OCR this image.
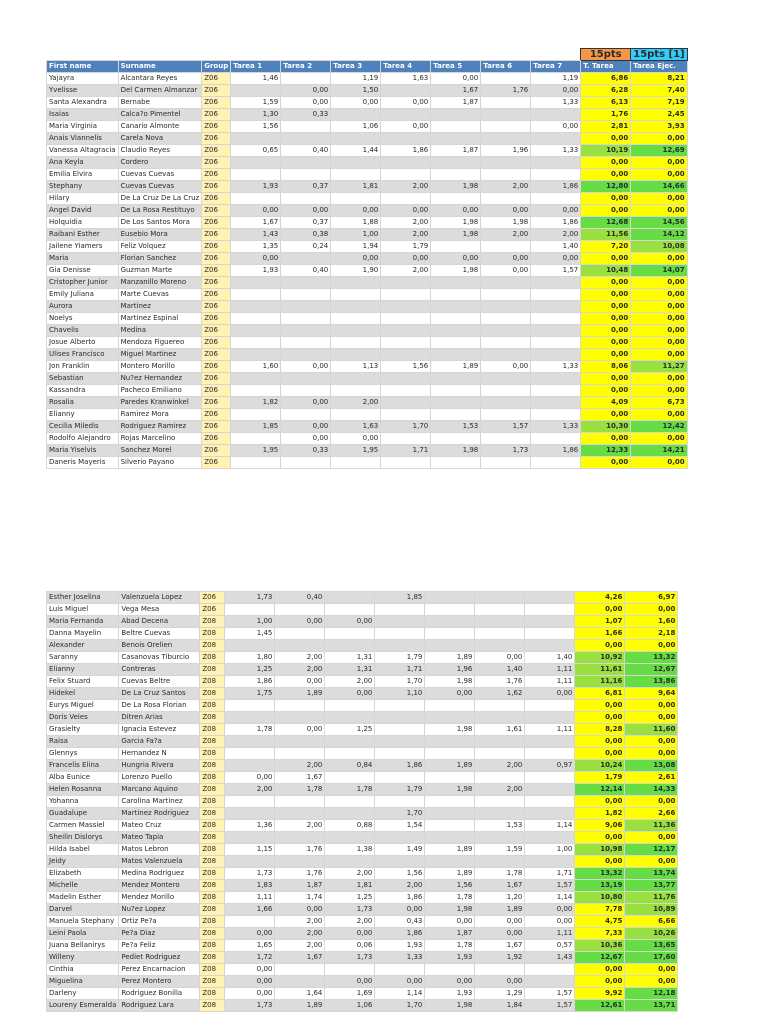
										15pts	15pts [1]
First name	Surname	Group	Tarea 1	Tarea 2	Tarea 3	Tarea 4	Tarea 5	Tarea 6	Tarea 7	T. Tarea	Tarea Ejec.
Yajayra	Alcantara Reyes	Z06	1,46		1,19	1,63	0,00		1,19	6,86	8,21
Yvelisse	Del Carmen Almanzar	Z06		0,00	1,50		1,67	1,76	0,00	6,28	7,40
Santa Alexandra	Bernabe	Z06	1,59	0,00	0,00	0,00	1,87		1,33	6,13	7,19
Isaias	Calca?o Pimentel	Z06	1,30	0,33						1,76	2,45
Maria Virginia	Canario Almonte	Z06	1,56		1,06	0,00			0,00	2,81	3,93
Anais Viannelis	Carela Nova	Z06								0,00	0,00
Vanessa Altagracia	Claudio Reyes	Z06	0,65	0,40	1,44	1,86	1,87	1,96	1,33	10,19	12,69
Ana Keyla	Cordero	Z06								0,00	0,00
Emilia Elvira	Cuevas Cuevas	Z06								0,00	0,00
Stephany	Cuevas Cuevas	Z06	1,93	0,37	1,81	2,00	1,98	2,00	1,86	12,80	14,66
Hilary	De La Cruz De La Cruz	Z06								0,00	0,00
Angel David	De La Rosa Restituyo	Z06	0,00	0,00	0,00	0,00	0,00	0,00	0,00	0,00	0,00
Holquidia	De Los Santos Mora	Z06	1,67	0,37	1,88	2,00	1,98	1,98	1,86	12,68	14,56
Raibani Esther	Eusebio Mora	Z06	1,43	0,38	1,00	2,00	1,98	2,00	2,00	11,56	14,12
Jailene Yiamers	Feliz Volquez	Z06	1,35	0,24	1,94	1,79			1,40	7,20	10,08
Maria	Florian Sanchez	Z06	0,00		0,00	0,00	0,00	0,00	0,00	0,00	0,00
Gia Denisse	Guzman Marte	Z06	1,93	0,40	1,90	2,00	1,98	0,00	1,57	10,48	14,07
Cristopher Junior	Manzanillo Moreno	Z06								0,00	0,00
Emily Juliana	Marte Cuevas	Z06								0,00	0,00
Aurora	Martinez	Z06								0,00	0,00
Noelys	Martinez Espinal	Z06								0,00	0,00
Chavelis	Medina	Z06								0,00	0,00
Josue Alberto	Mendoza Figuereo	Z06								0,00	0,00
Ulises Francisco	Miguel Martinez	Z06								0,00	0,00
Jon Franklin	Montero Morillo	Z06	1,60	0,00	1,13	1,56	1,89	0,00	1,33	8,06	11,27
Sebastian	Nu?ez Hernandez	Z06								0,00	0,00
Kassandra	Pacheco Emiliano	Z06								0,00	0,00
Rosalia	Paredes Kranwinkel	Z06	1,82	0,00	2,00					4,09	6,73
Elianny	Ramirez Mora	Z06								0,00	0,00
Cecilia Miledis	Rodriguez Ramirez	Z06	1,85	0,00	1,63	1,70	1,53	1,57	1,33	10,30	12,42
Rodolfo Alejandro	Rojas Marcelino	Z06		0,00	0,00					0,00	0,00
Maria Yiselvis	Sanchez Morel	Z06	1,95	0,33	1,95	1,71	1,98	1,73	1,86	12,33	14,21
Daneris Mayeris	Silverio Payano	Z06								0,00	0,00
Esther Joselina	Valenzuela Lopez	Z06	1,73	0,40		1,85				4,26	6,97
Luis Miguel	Vega Mesa	Z06								0,00	0,00
Maria Fernanda	Abad Decena	Z08	1,00	0,00	0,00					1,07	1,60
Danna Mayelin	Beltre Cuevas	Z08	1,45							1,66	2,18
Alexander	Benois Orelien	Z08								0,00	0,00
Saranny	Casanovas Tiburcio	Z08	1,80	2,00	1,31	1,79	1,89	0,00	1,40	10,92	13,32
Elianny	Contreras	Z08	1,25	2,00	1,31	1,71	1,96	1,40	1,11	11,61	12,67
Felix Stuard	Cuevas Beltre	Z08	1,86	0,00	2,00	1,70	1,98	1,76	1,11	11,16	13,86
Hidekel	De La Cruz Santos	Z08	1,75	1,89	0,00	1,10	0,00	1,62	0,00	6,81	9,64
Eurys Miguel	De La Rosa Florian	Z08								0,00	0,00
Doris Veles	Ditren Arias	Z08								0,00	0,00
Grasielty	Ignacia Estevez	Z08	1,78	0,00	1,25		1,98	1,61	1,11	8,28	11,60
Raisa	Garcia Fa?a	Z08								0,00	0,00
Glennys	Hernandez N	Z08								0,00	0,00
Francelis Elina	Hungria Rivera	Z08		2,00	0,84	1,86	1,89	2,00	0,97	10,24	13,08
Alba Eunice	Lorenzo Puello	Z08	0,00	1,67						1,79	2,61
Helen Rosanna	Marcano Aquino	Z08	2,00	1,78	1,78	1,79	1,98	2,00		12,14	14,33
Yohanna	Carolina Martinez	Z08								0,00	0,00
Guadalupe	Martinez Rodriguez	Z08				1,70				1,82	2,66
Carmen Massiel	Mateo Cruz	Z08	1,36	2,00	0,88	1,54		1,53	1,14	9,06	11,36
Sheilin Dislorys	Mateo Tapia	Z08								0,00	0,00
Hilda Isabel	Matos Lebron	Z08	1,15	1,76	1,38	1,49	1,89	1,59	1,00	10,98	12,17
Jeidy	Matos Valenzuela	Z08								0,00	0,00
Elizabeth	Medina Rodriguez	Z08	1,73	1,76	2,00	1,56	1,89	1,78	1,71	13,32	13,74
Michelle	Mendez Montero	Z08	1,83	1,87	1,81	2,00	1,56	1,67	1,57	13,19	13,77
Madelin Esther	Mendez Morillo	Z08	1,11	1,74	1,25	1,86	1,78	1,20	1,14	10,80	11,76
Darvel	Nu?ez Lopez	Z08	1,66	0,00	1,73	0,00	1,98	1,89	0,00	7,78	10,89
Manuela Stephany	Ortiz Pe?a	Z08		2,00	2,00	0,43	0,00	0,00	0,00	4,75	6,66
Leini Paola	Pe?a Diaz	Z08	0,00	2,00	0,00	1,86	1,87	0,00	1,11	7,33	10,26
Juana Bellanirys	Pe?a Feliz	Z08	1,65	2,00	0,06	1,93	1,78	1,67	0,57	10,36	13,65
Willeny	Pediet Rodriguez	Z08	1,72	1,67	1,73	1,33	1,93	1,92	1,43	12,67	17,60
Cinthia	Perez Encarnacion	Z08	0,00							0,00	0,00
Miguelina	Perez Montero	Z08	0,00		0,00	0,00	0,00	0,00		0,00	0,00
Darleny	Rodriguez Bonilla	Z08	0,00	1,64	1,69	1,14	1,93	1,29	1,57	9,92	12,18
Loureny Esmeralda	Rodriguez Lara	Z08	1,73	1,89	1,06	1,70	1,98	1,84	1,57	12,61	13,71
